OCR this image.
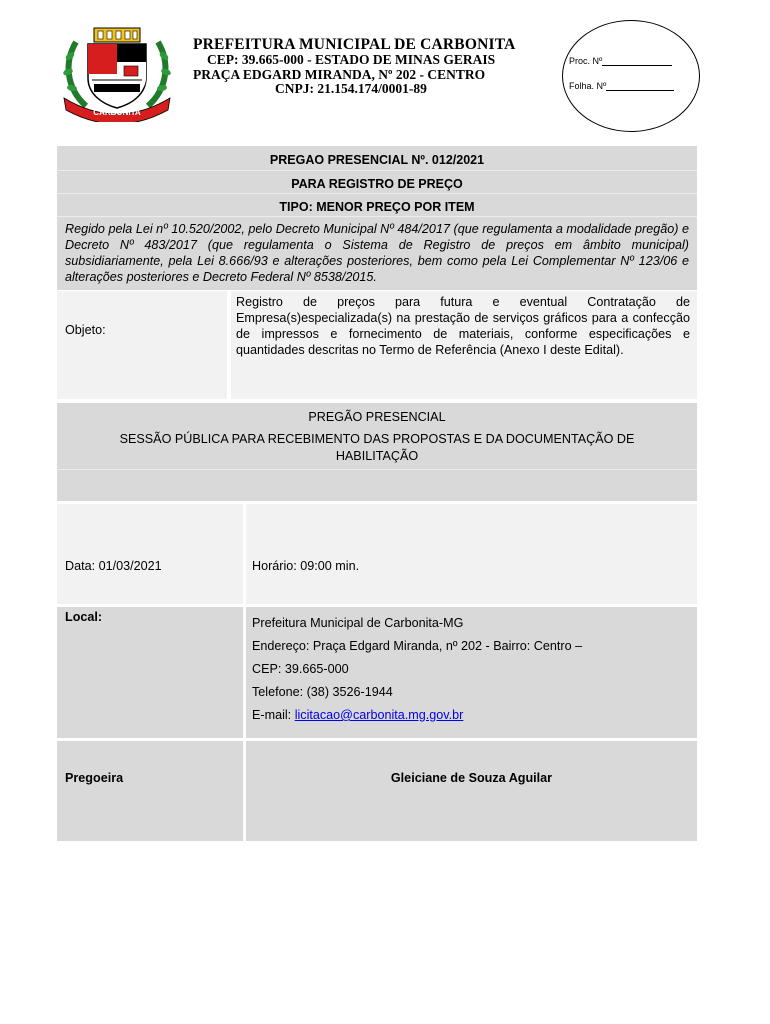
CARBONITA
PREFEITURA MUNICIPAL DE CARBONITA
CEP: 39.665-000 - ESTADO DE MINAS GERAIS
PRAÇA EDGARD MIRANDA, Nº 202 - CENTRO
CNPJ: 21.154.174/0001-89
Proc. Nº
Folha. Nº
PREGAO PRESENCIAL Nº. 012/2021
PARA REGISTRO DE PREÇO
TIPO: MENOR PREÇO POR ITEM
Regido pela Lei nº 10.520/2002, pelo Decreto Municipal Nº 484/2017 (que regulamenta a modalidade pregão) e Decreto Nº 483/2017 (que regulamenta o Sistema de Registro de preços em âmbito municipal) subsidiariamente, pela Lei 8.666/93 e alterações posteriores, bem como pela Lei Complementar Nº 123/06 e alterações posteriores e Decreto Federal Nº 8538/2015.
Objeto:
Registro de preços para futura e eventual Contratação de Empresa(s)especializada(s) na prestação de serviços gráficos para a confecção de impressos e fornecimento de materiais, conforme especificações e quantidades descritas no Termo de Referência (Anexo I deste Edital).
PREGÃO PRESENCIAL
SESSÃO PÚBLICA PARA RECEBIMENTO DAS PROPOSTAS E DA DOCUMENTAÇÃO DE HABILITAÇÃO
Data: 01/03/2021	Horário: 09:00 min.
Local:	Prefeitura Municipal de Carbonita-MG
Endereço: Praça Edgard Miranda, nº 202 - Bairro: Centro –
CEP: 39.665-000
Telefone: (38) 3526-1944
E-mail: licitacao@carbonita.mg.gov.br
Pregoeira	Gleiciane de Souza Aguilar
